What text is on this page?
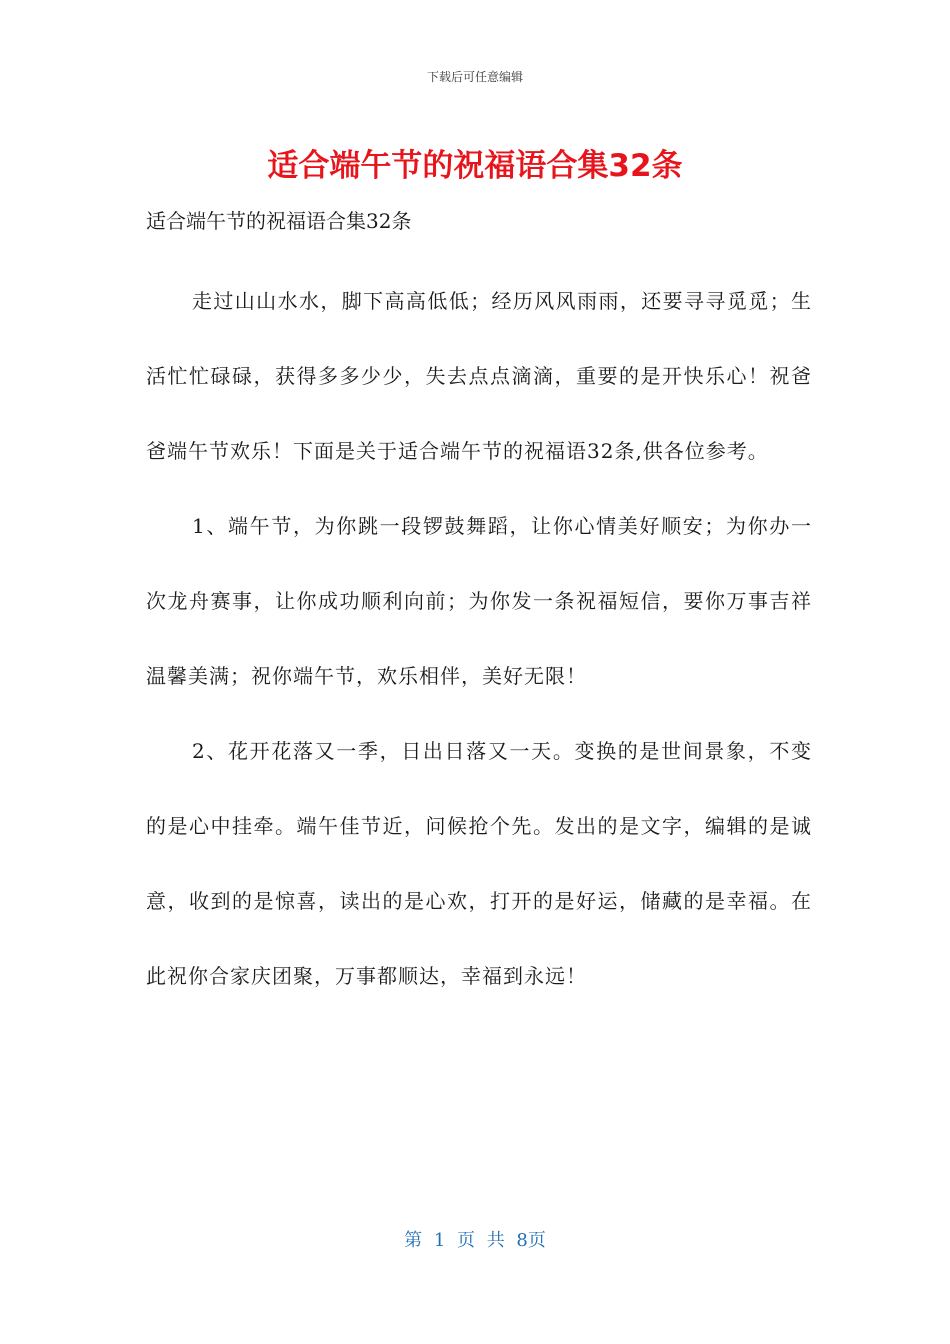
下载后可任意编辑
适合端午节的祝福语合集32条
适合端午节的祝福语合集32条

走过山山水水，脚下高高低低；经历风风雨雨，还要寻寻觅觅；生活忙忙碌碌，获得多多少少，失去点点滴滴，重要的是开快乐心！祝爸爸端午节欢乐！下面是关于适合端午节的祝福语32条,供各位参考。

1、端午节，为你跳一段锣鼓舞蹈，让你心情美好顺安；为你办一次龙舟赛事，让你成功顺利向前；为你发一条祝福短信，要你万事吉祥温馨美满；祝你端午节，欢乐相伴，美好无限！

2、花开花落又一季，日出日落又一天。变换的是世间景象，不变的是心中挂牵。端午佳节近，问候抢个先。发出的是文字，编辑的是诚意，收到的是惊喜，读出的是心欢，打开的是好运，储藏的是幸福。在此祝你合家庆团聚，万事都顺达，幸福到永远！

第 1 页 共 8页
